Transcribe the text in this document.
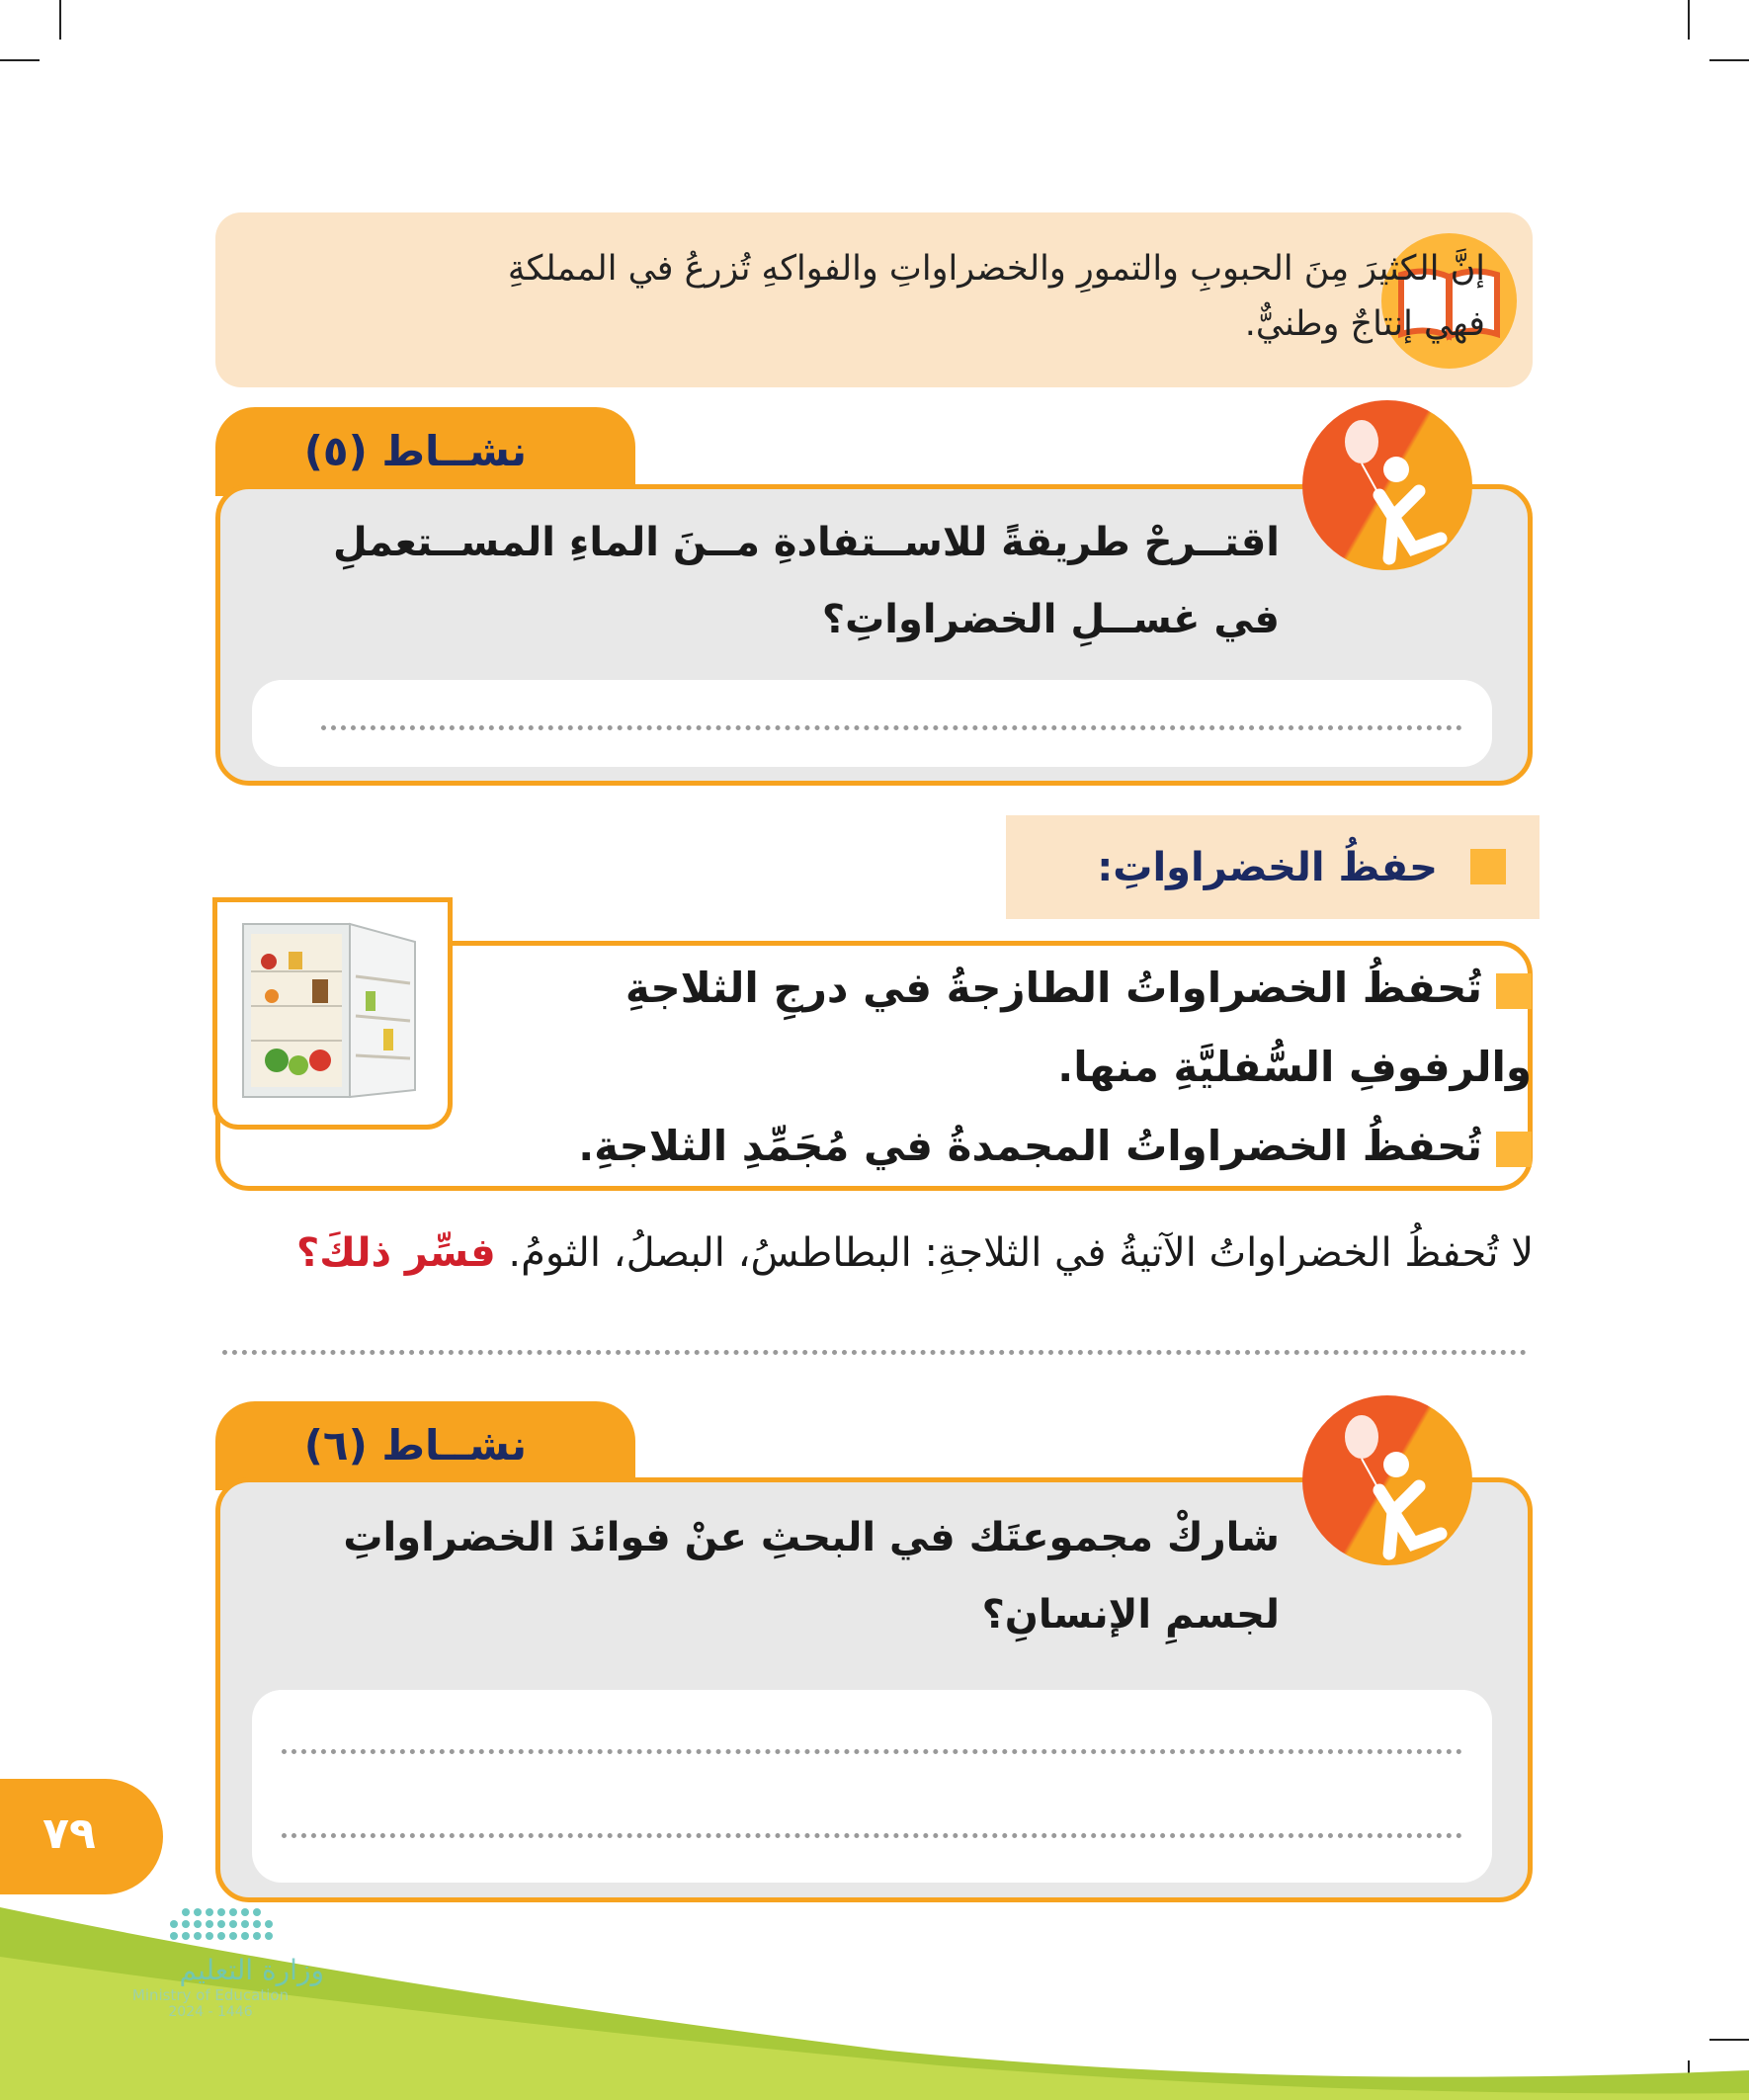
إنَّ الكثيرَ مِنَ الحبوبِ والتمورِ والخضراواتِ والفواكهِ تُزرعُ في المملكةِ فهي إنتاجٌ وطنيٌّ.
نشــاط (٥)
اقتــرحْ طريقةً للاســتفادةِ مــنَ الماءِ المســتعملِ في غســلِ الخضراواتِ؟
حفظُ الخضراواتِ:
تُحفظُ الخضراواتُ الطازجةُ في درجِ الثلاجةِ والرفوفِ السُّفليَّةِ منها.
تُحفظُ الخضراواتُ المجمدةُ في مُجَمِّدِ الثلاجةِ.
لا تُحفظُ الخضراواتُ الآتيةُ في الثلاجةِ: البطاطسُ، البصلُ، الثومُ. فسِّر ذلكَ؟
نشــاط (٦)
شاركْ مجموعتَك في البحثِ عنْ فوائدَ الخضراواتِ لجسمِ الإنسانِ؟
٧٩
وزارة التعليم
Ministry of Education
2024 - 1446
